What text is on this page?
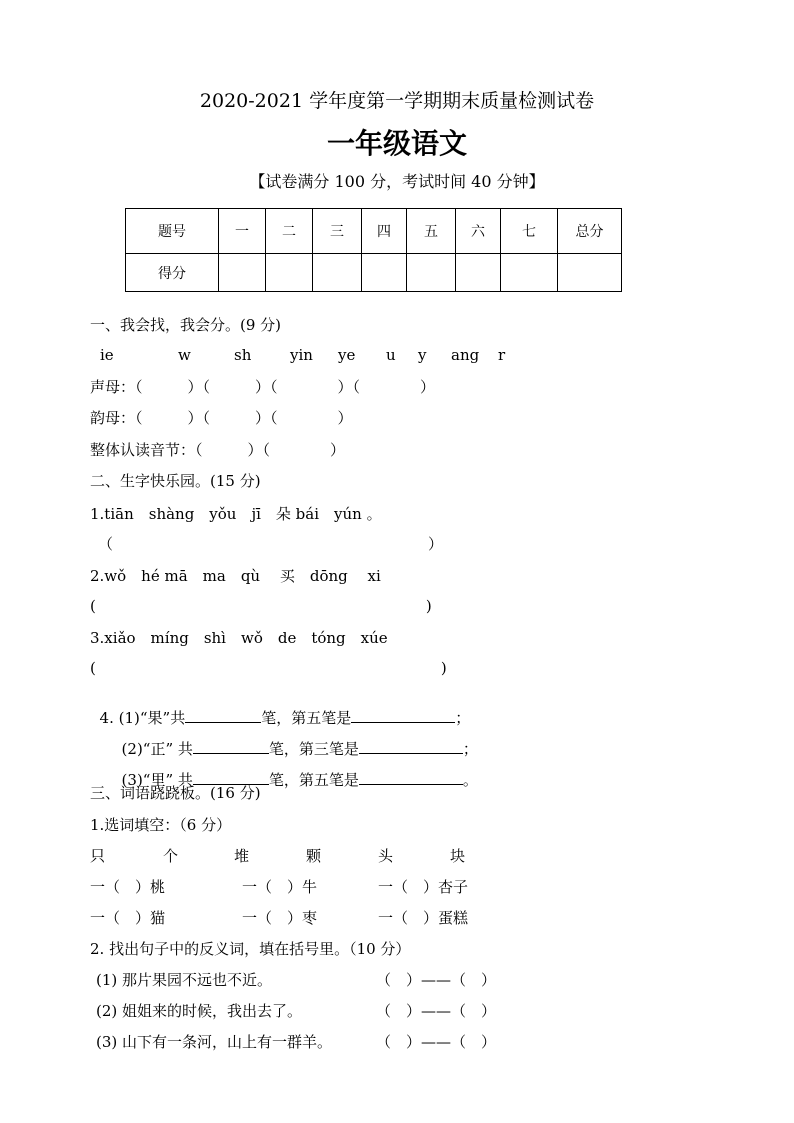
2020-2021 学年度第一学期期末质量检测试卷
一年级语文
【试卷满分 100 分，考试时间 40 分钟】
题号	一	二	三	四	五	六	七	总分
得分								
一、我会找，我会分。(9 分)
ie	w	sh	yin ye u y ang r
声母：（　　　）（　　　）（　　　　）（　　　　）
韵母：（　　　）（　　　）（　　　　）
整体认读音节：（　　　）（　　　　）
二、生字快乐园。(15 分)
1.tiān　shàng　yǒu　jī　朵 bái　yún 。
（　　　　　　　　　　　　　　　　　　　　　）
2.wǒ　hé mā　ma　qù　 买　dōng　 xi
(　　　　　　　　　　　　　　　　　　　　　　)
3.xiǎo　míng　shì　wǒ　de　tóng　xúe
(　　　　　　　　　　　　　　　　　　　　　　　)

4. (1)“果”共	笔，第五笔是	；

(2)“正” 共	笔，第三笔是	；

(3)“里” 共	笔，第五笔是	。

三、词语跷跷板。(16 分)
1.选词填空：（6 分）
只	个	堆	颗	头	块
一（　）桃	一（　）牛	一（　）杏子
一（　）猫	一（　）枣	一（　）蛋糕
2. 找出句子中的反义词，填在括号里。（10 分）
(1) 那片果园不远也不近。	（　）——（　）
(2) 姐姐来的时候，我出去了。	（　）——（　）
(3) 山下有一条河，山上有一群羊。	（　）——（　）
